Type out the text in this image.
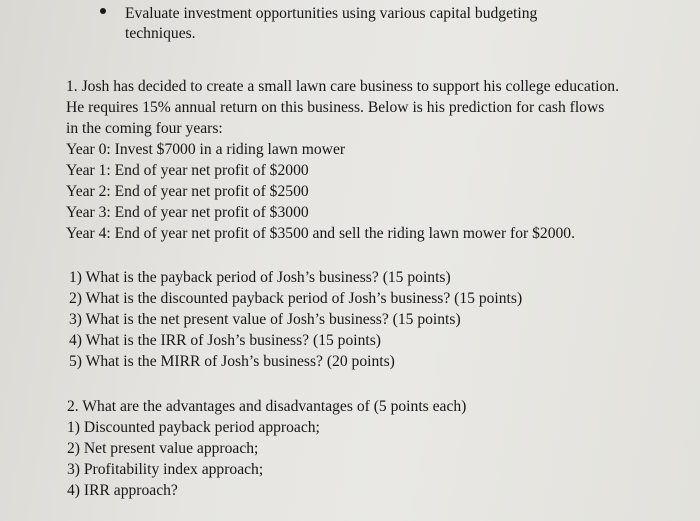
Evaluate investment opportunities using various capital budgeting
techniques.
1. Josh has decided to create a small lawn care business to support his college education.
He requires 15% annual return on this business. Below is his prediction for cash flows
in the coming four years:
Year 0: Invest $7000 in a riding lawn mower
Year 1: End of year net profit of $2000
Year 2: End of year net profit of $2500
Year 3: End of year net profit of $3000
Year 4: End of year net profit of $3500 and sell the riding lawn mower for $2000.
1) What is the payback period of Josh’s business? (15 points)
2) What is the discounted payback period of Josh’s business? (15 points)
3) What is the net present value of Josh’s business? (15 points)
4) What is the IRR of Josh’s business? (15 points)
5) What is the MIRR of Josh’s business? (20 points)
2. What are the advantages and disadvantages of (5 points each)
1) Discounted payback period approach;
2) Net present value approach;
3) Profitability index approach;
4) IRR approach?
